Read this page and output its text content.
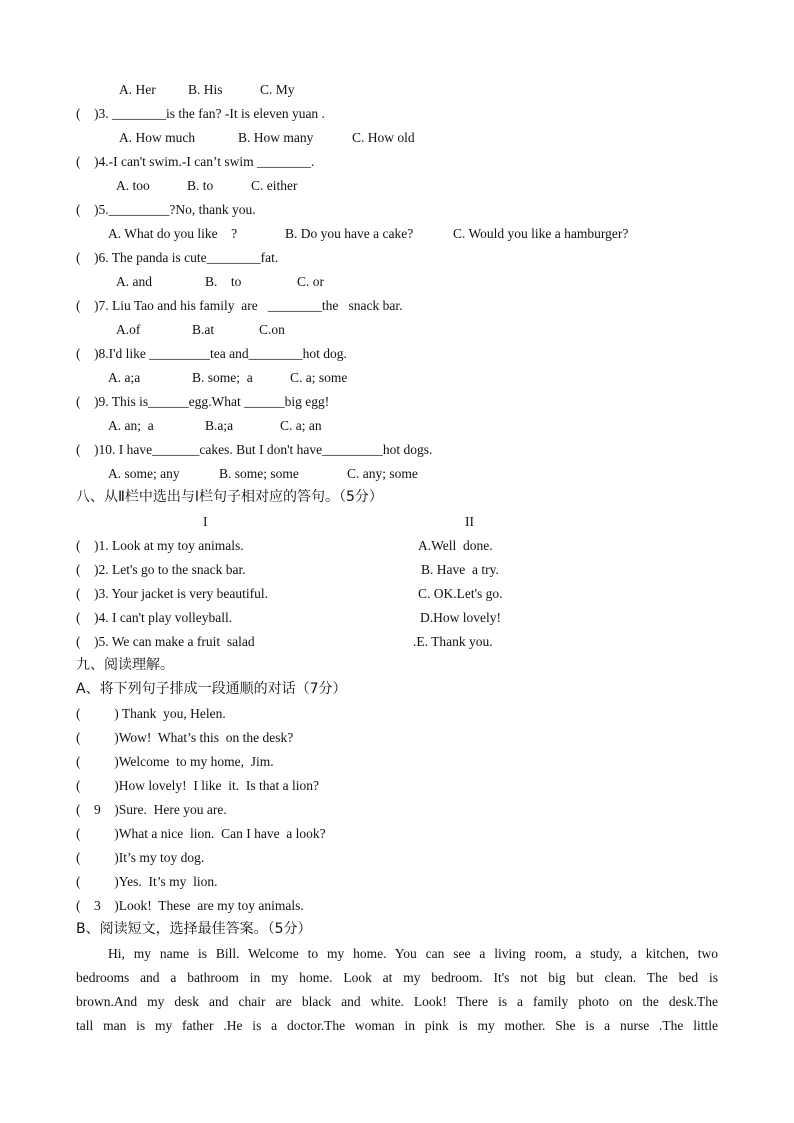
A. Her B. His	C. My
(    )3. ________is the fan? -It is eleven yuan .
A. How much	B. How many	C. How old
(    )4.-I can't swim.-I can’t swim ________.
A. too	B. to	C. either
(    )5._________?No, thank you.
A. What do you like    ?	B. Do you have a cake?	C. Would you like a hamburger?
(    )6. The panda is cute________fat.
A. and	B.    to	C. or
(    )7. Liu Tao and his family  are   ________the   snack bar.
A.of	B.at	C.on
(    )8.I'd like _________tea and________hot dog.
A. a;a	B. some;  a	C. a; some
(    )9. This is______egg.What ______big egg!
A. an;  a	B.a;a	C. a; an
(    )10. I have_______cakes. But I don't have_________hot dogs.
A. some; any	B. some; some	C. any; some
八、从Ⅱ栏中选出与Ⅰ栏句子相对应的答句。（5分）
I	II
(    )1. Look at my toy animals.	A.Well  done.
(    )2. Let's go to the snack bar.	B. Have  a try.
(    )3. Your jacket is very beautiful.	C. OK.Let's go.
(    )4. I can't play volleyball.	D.How lovely!
(    )5. We can make a fruit  salad	.E. Thank you.
九、阅读理解。
A、将下列句子排成一段通顺的对话（7分）
(          ) Thank  you, Helen.
(          )Wow!  What’s this  on the desk?
(          )Welcome  to my home,  Jim.
(          )How lovely!  I like  it.  Is that a lion?
(    9    )Sure.  Here you are.
(          )What a nice  lion.  Can I have  a look?
(          )It’s my toy dog.
(          )Yes.  It’s my  lion.
(    3    )Look!  These  are my toy animals.
B、阅读短文，选择最佳答案。（5分）
Hi, my name is Bill. Welcome to my home. You can see a living room, a study, a kitchen, two
bedrooms and a bathroom in my home. Look at my bedroom. It's not big but clean. The bed is
brown.And my desk and chair are black and white. Look! There is a family photo on the desk.The
tall man is my father .He is a doctor.The woman in pink is my mother. She is a nurse .The little
